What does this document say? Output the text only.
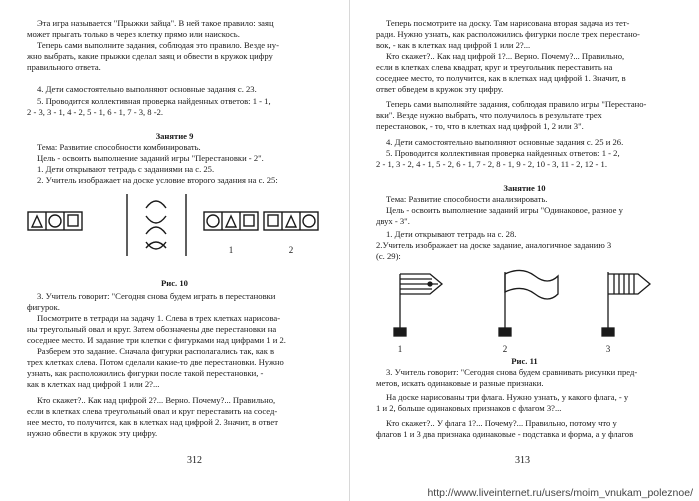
Эта игра называется "Прыжки зайца". В ней такое правило: заяц
может прыгать только в через клетку прямо или наискось.
Теперь сами выполните задания, соблюдая это правило. Везде ну-
жно выбрать, какие прыжки сделал заяц и обвести в кружок цифру
правильного ответа.
4. Дети самостоятельно выполняют основные задания с. 23.
5. Проводится коллективная проверка найденных ответов: 1 - 1,
2 - 3, 3 - 1, 4 - 2, 5 - 1, 6 - 1, 7 - 3, 8 -2.
Занятие 9
Тема: Развитие способности комбинировать.
Цель - освоить выполнение заданий игры "Перестановки - 2".
1. Дети открывают тетрадь с заданиями на с. 25.
2. Учитель изображает на доске условие второго задания на с. 25:
1	2
Рис. 10
3. Учитель говорит: "Сегодня снова будем играть в перестановки
фигурок.
Посмотрите в тетради на задачу 1. Слева в трех клетках нарисова-
ны треугольный овал и круг. Затем обозначены две перестановки на
соседнее место. И задание три клетки с фигурками над цифрами 1 и 2.
Разберем это задание. Сначала фигурки располагались так, как в
трех клетках слева. Потом сделали какие-то две перестановки. Нужно
узнать, как расположились фигурки после такой перестановки, -
как в клетках над цифрой 1 или 2?...
Кто скажет?.. Как над цифрой 2?... Верно. Почему?... Правильно,
если в клетках слева треугольный овал и круг переставить на сосед-
нее место, то получится, как в клетках над цифрой 2. Значит, в ответ
нужно обвести в кружок эту цифру.
312
Теперь посмотрите на доску. Там нарисована вторая задача из тет-
ради. Нужно узнать, как расположились фигурки после трех перестано-
вок, - как в клетках над цифрой 1 или 2?...
Кто скажет?.. Как над цифрой 1?... Верно. Почему?... Правильно,
если в клетках слева квадрат, круг и треугольник переставить на
соседнее место, то получится, как в клетках над цифрой 1. Значит, в
ответ обведем в кружок эту цифру.
Теперь сами выполняйте задания, соблюдая правило игры "Перестано-
вки". Везде нужно выбрать, что получилось в результате трех
перестановок, - то, что в клетках над цифрой 1, 2 или 3".
4. Дети самостоятельно выполняют основные задания с. 25 и 26.
5. Проводится коллективная проверка найденных ответов: 1 - 2,
2 - 1, 3 - 2, 4 - 1, 5 - 2, 6 - 1, 7 - 2, 8 - 1, 9 - 2, 10 - 3, 11 - 2, 12 - 1.
Занятие 10
Тема: Развитие способности анализировать.
Цель - освоить выполнение заданий игры "Одинаковое, разное у
двух - 3".
1. Дети открывают тетрадь на с. 28.
2.Учитель изображает на доске задание, аналогичное заданию 3
(с. 29):
1	2	3
Рис. 11
3. Учитель говорит: "Сегодня снова будем сравнивать рисунки пред-
метов, искать одинаковые и разные признаки.
На доске нарисованы три флага. Нужно узнать, у какого флага, - у
1 и 2, больше одинаковых признаков с флагом 3?...
Кто скажет?.. У флага 1?... Почему?... Правильно, потому что у
флагов 1 и 3 два признака одинаковые - подставка и форма, а у флагов
313
http://www.liveinternet.ru/users/moim_vnukam_poleznoe/
